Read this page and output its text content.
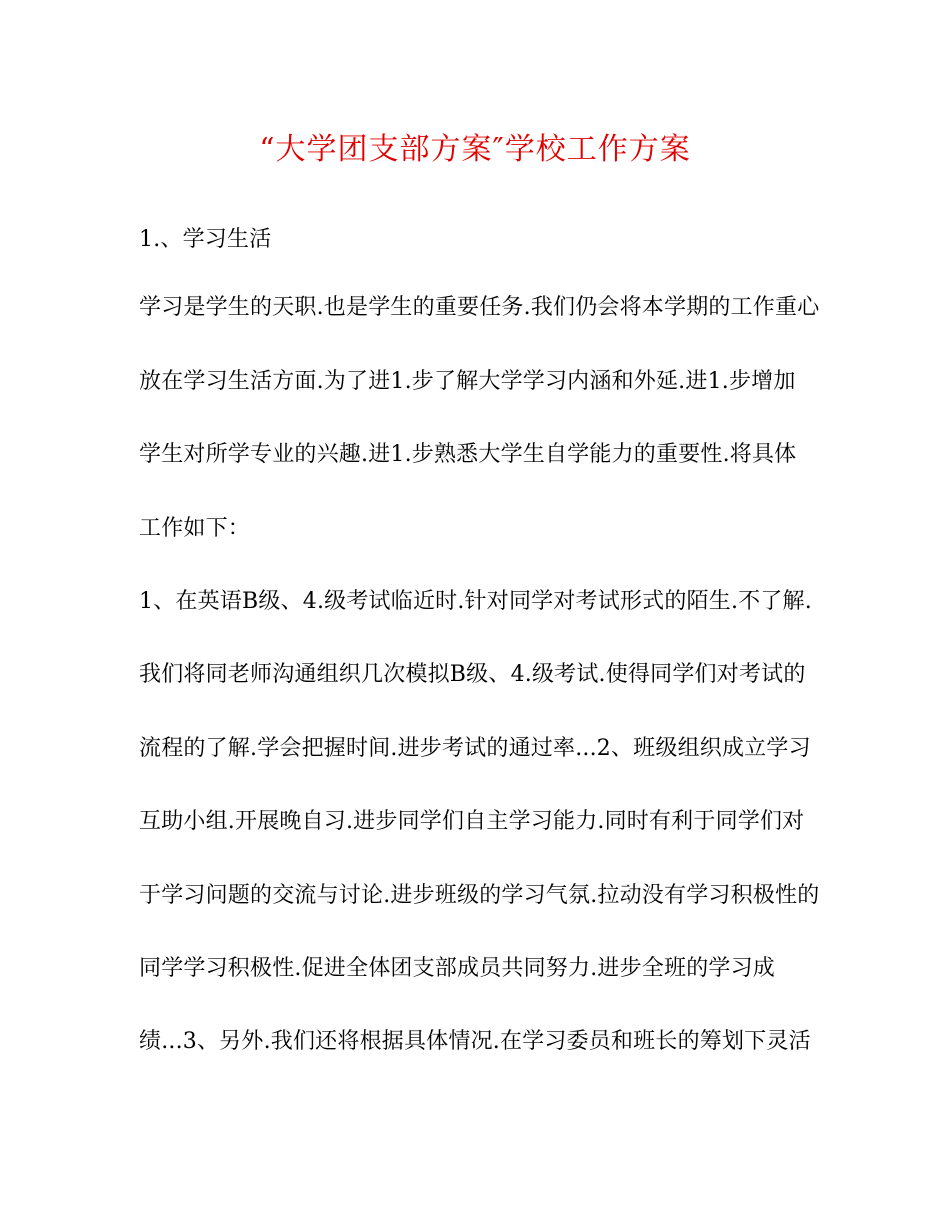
“大学团支部方案″学校工作方案
1.、学习生活
学习是学生的天职.也是学生的重要任务.我们仍会将本学期的工作重心
放在学习生活方面.为了进1.步了解大学学习内涵和外延.进1.步增加
学生对所学专业的兴趣.进1.步熟悉大学生自学能力的重要性.将具体
工作如下：
1、在英语B级、4.级考试临近时.针对同学对考试形式的陌生.不了解.
我们将同老师沟通组织几次模拟B级、4.级考试.使得同学们对考试的
流程的了解.学会把握时间.进步考试的通过率...2、班级组织成立学习
互助小组.开展晚自习.进步同学们自主学习能力.同时有利于同学们对
于学习问题的交流与讨论.进步班级的学习气氛.拉动没有学习积极性的
同学学习积极性.促进全体团支部成员共同努力.进步全班的学习成
绩...3、另外.我们还将根据具体情况.在学习委员和班长的筹划下灵活
